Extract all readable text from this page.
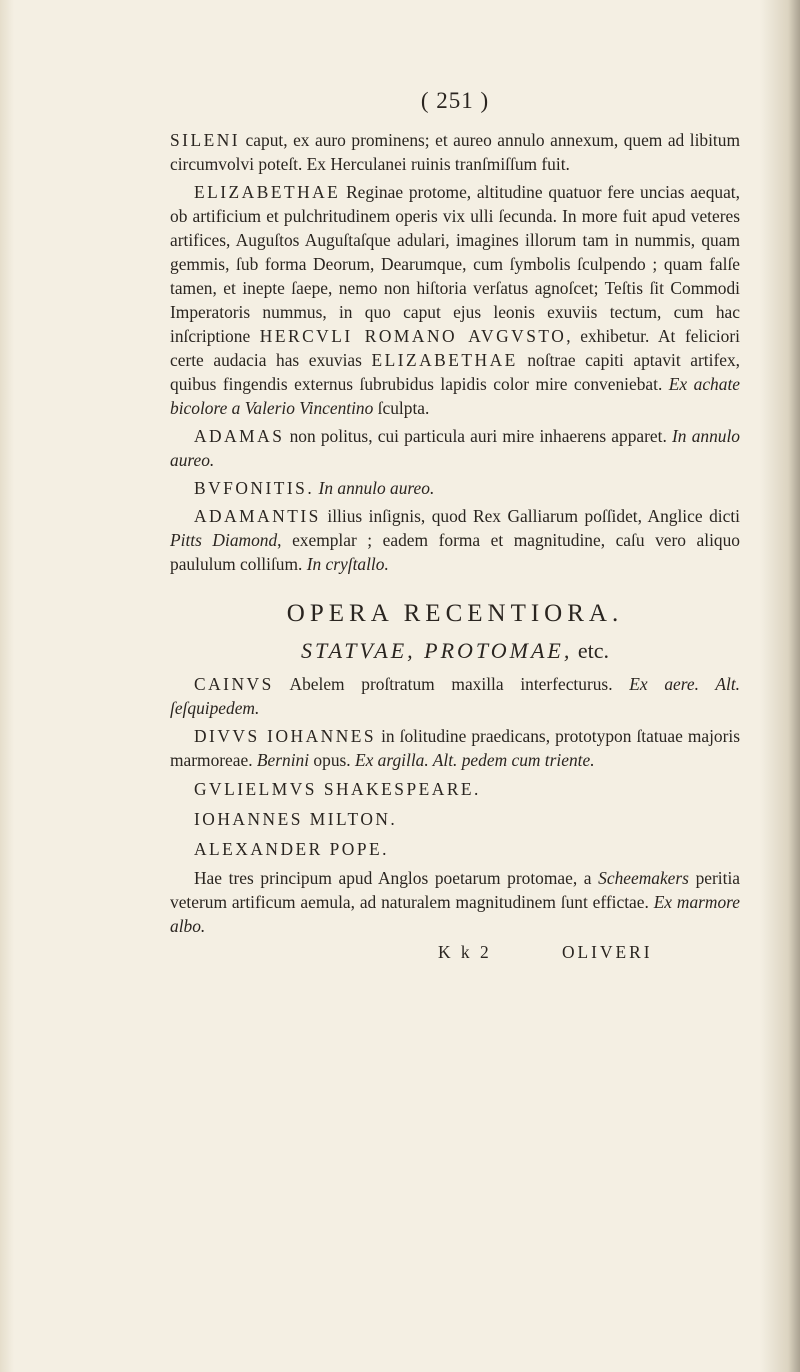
( 251 )

SILENI caput, ex auro prominens; et aureo annulo annexum, quem ad libitum circumvolvi poteſt. Ex Herculanei ruinis tranſmiſſum fuit.

ELIZABETHAE Reginae protome, altitudine quatuor fere uncias aequat, ob artificium et pulchritudinem operis vix ulli ſecunda. In more fuit apud veteres artifices, Auguſtos Auguſtaſque adulari, imagines illorum tam in nummis, quam gemmis, ſub forma Deorum, Dearumque, cum ſymbolis ſculpendo ; quam falſe tamen, et inepte ſaepe, nemo non hiſtoria verſatus agnoſcet; Teſtis ſit Commodi Imperatoris nummus, in quo caput ejus leonis exuviis tectum, cum hac inſcriptione HERCVLI ROMANO AVGVSTO, exhibetur. At feliciori certe audacia has exuvias ELIZABETHAE noſtrae capiti aptavit artifex, quibus fingendis externus ſubrubidus lapidis color mire conveniebat. Ex achate bicolore a Valerio Vincentino ſculpta.

ADAMAS non politus, cui particula auri mire inhaerens apparet. In annulo aureo.

BVFONITIS. In annulo aureo.

ADAMANTIS illius inſignis, quod Rex Galliarum poſſidet, Anglice dicti Pitts Diamond, exemplar ; eadem forma et magnitudine, caſu vero aliquo paululum colliſum. In cryſtallo.

OPERA RECENTIORA.
STATVAE, PROTOMAE, etc.

CAINVS Abelem proſtratum maxilla interfecturus. Ex aere. Alt. ſeſquipedem.

DIVVS IOHANNES in ſolitudine praedicans, prototypon ſtatuae majoris marmoreae. Bernini opus. Ex argilla. Alt. pedem cum triente.

GVLIELMVS SHAKESPEARE.
IOHANNES MILTON.
ALEXANDER POPE.

Hae tres principum apud Anglos poetarum protomae, a Scheemakers peritia veterum artificum aemula, ad naturalem magnitudinem ſunt effictae. Ex marmore albo.

K k 2	OLIVERI
